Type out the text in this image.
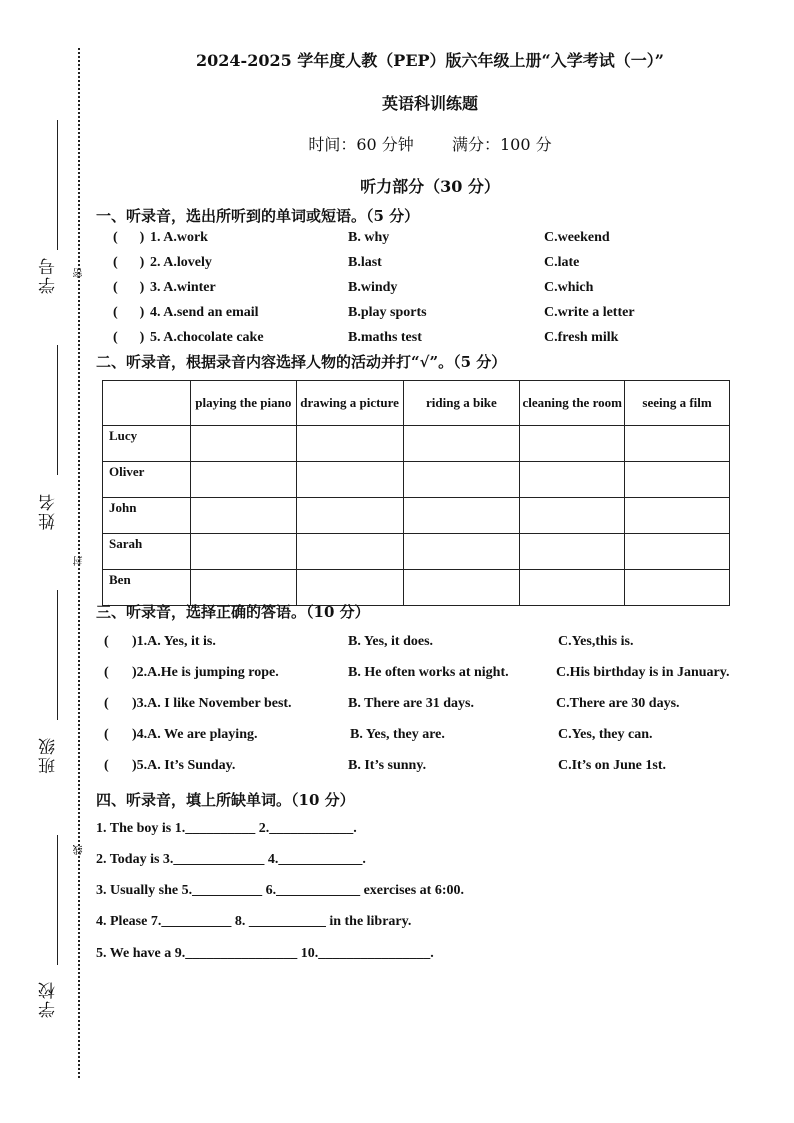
学号	密
姓名
封
班级
线
学校
2024-2025 学年度人教（PEP）版六年级上册“入学考试（一）”
英语科训练题
时间：60 分钟 满分：100 分
听力部分（30 分）
一、听录音，选出所听到的单词或短语。（5 分）
( ) 1. A.work	B. why	C.weekend
( ) 2. A.lovely	B.last	C.late
( ) 3. A.winter	B.windy	C.which
( ) 4. A.send an email	B.play sports	C.write a letter
( ) 5. A.chocolate cake	B.maths test	C.fresh milk
二、听录音，根据录音内容选择人物的活动并打“√”。（5 分）
	playing the piano	drawing a picture	riding a bike	cleaning the room	seeing a film
Lucy					
Oliver					
John					
Sarah					
Ben					
三、听录音，选择正确的答语。（10 分）
( )1.A. Yes, it is.	B. Yes, it does.	C.Yes,this is.
( )2.A.He is jumping rope.	B. He often works at night.	C.His birthday is in January.
( )3.A. I like November best.	B. There are 31 days.	C.There are 30 days.
( )4.A. We are playing.	B. Yes, they are.	C.Yes, they can.
( )5.A. It’s Sunday.	B. It’s sunny.	C.It’s on June 1st.
四、听录音，填上所缺单词。（10 分）
1. The boy is 1.__________ 2.____________.
2. Today is 3._____________ 4.____________.
3. Usually she 5.__________ 6.____________ exercises at 6:00.
4. Please 7.__________ 8. ___________ in the library.
5. We have a 9.________________ 10.________________.
